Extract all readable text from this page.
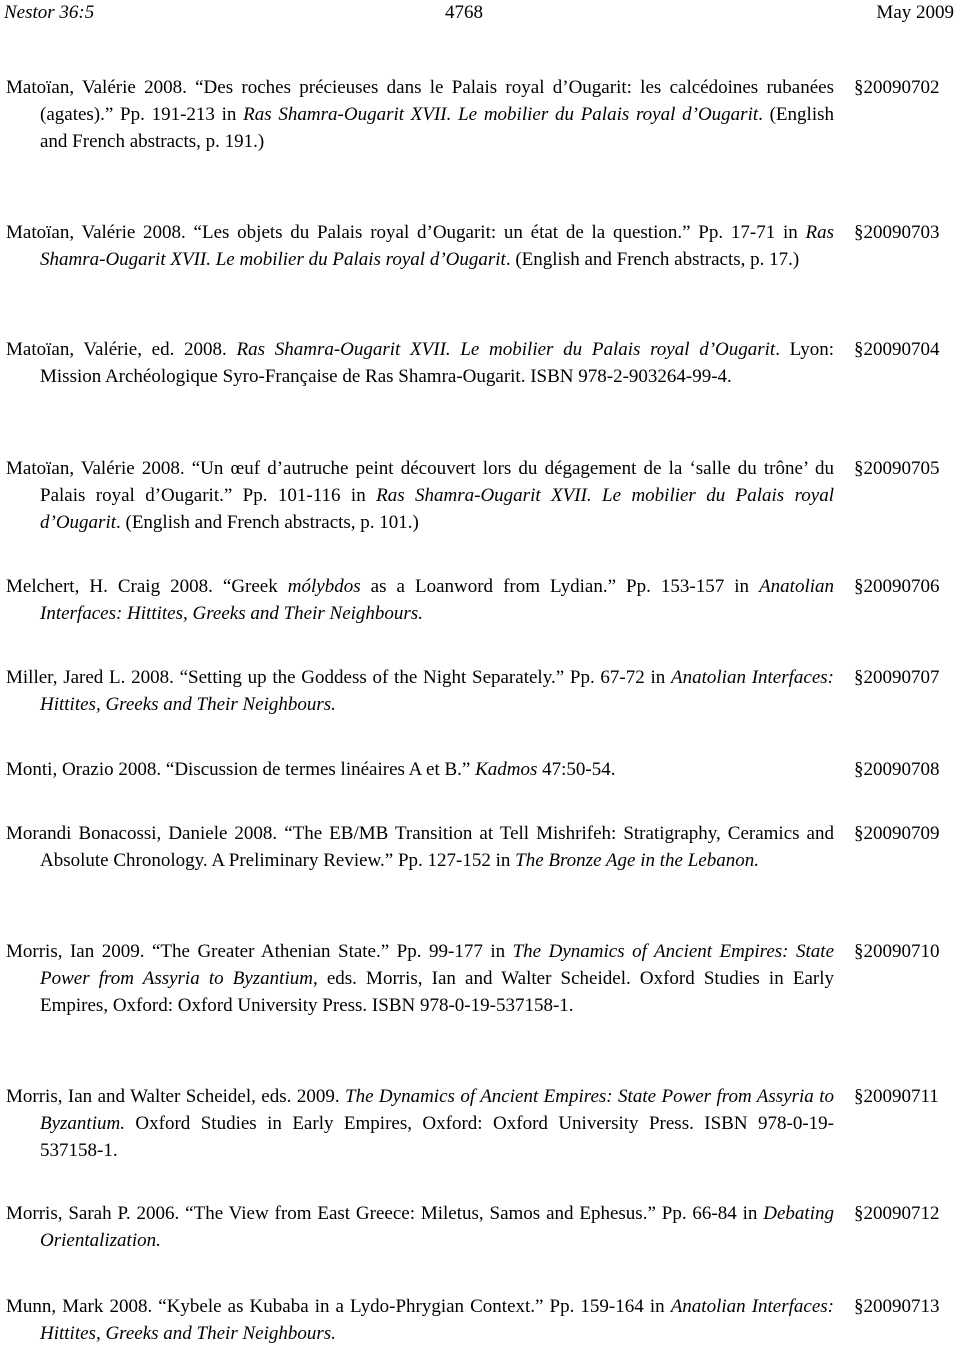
Nestor 36:5	4768	May 2009
Matoïan, Valérie 2008. “Des roches précieuses dans le Palais royal d’Ougarit: les calcédoines rubanées (agates).” Pp. 191-213 in Ras Shamra-Ougarit XVII. Le mobilier du Palais royal d’Ougarit. (English and French abstracts, p. 191.)
§ 20090702
Matoïan, Valérie 2008. “Les objets du Palais royal d’Ougarit: un état de la question.” Pp. 17-71 in Ras Shamra-Ougarit XVII. Le mobilier du Palais royal d’Ougarit. (English and French abstracts, p. 17.)
§ 20090703
Matoïan, Valérie, ed. 2008. Ras Shamra-Ougarit XVII. Le mobilier du Palais royal d’Ougarit. Lyon: Mission Archéologique Syro-Française de Ras Shamra-Ougarit. ISBN 978-2-903264-99-4.
§ 20090704
Matoïan, Valérie 2008. “Un œuf d’autruche peint découvert lors du dégagement de la ‘salle du trône’ du Palais royal d’Ougarit.” Pp. 101-116 in Ras Shamra-Ougarit XVII. Le mobilier du Palais royal d’Ougarit. (English and French abstracts, p. 101.)
§ 20090705
Melchert, H. Craig 2008. “Greek mólybdos as a Loanword from Lydian.” Pp. 153-157 in Anatolian Interfaces: Hittites, Greeks and Their Neighbours.
§ 20090706
Miller, Jared L. 2008. “Setting up the Goddess of the Night Separately.” Pp. 67-72 in Anatolian Interfaces: Hittites, Greeks and Their Neighbours.
§ 20090707
Monti, Orazio 2008. “Discussion de termes linéaires A et B.” Kadmos 47:50-54.
§	20090708
Morandi Bonacossi, Daniele 2008. “The EB/MB Transition at Tell Mishrifeh: Stratigraphy, Ceramics and Absolute Chronology. A Preliminary Review.” Pp. 127-152 in The Bronze Age in the Lebanon.
§ 20090709
Morris, Ian 2009. “The Greater Athenian State.” Pp. 99-177 in The Dynamics of Ancient Empires: State Power from Assyria to Byzantium, eds. Morris, Ian and Walter Scheidel. Oxford Studies in Early Empires, Oxford: Oxford University Press. ISBN 978-0-19-537158-1.
§ 20090710
Morris, Ian and Walter Scheidel, eds. 2009. The Dynamics of Ancient Empires: State Power from Assyria to Byzantium. Oxford Studies in Early Empires, Oxford: Oxford University Press. ISBN 978-0-19-537158-1.
§ 20090711
Morris, Sarah P. 2006. “The View from East Greece: Miletus, Samos and Ephesus.” Pp. 66-84 in Debating Orientalization.
§ 20090712
Munn, Mark 2008. “Kybele as Kubaba in a Lydo-Phrygian Context.” Pp. 159-164 in Anatolian Interfaces: Hittites, Greeks and Their Neighbours.
§ 20090713
